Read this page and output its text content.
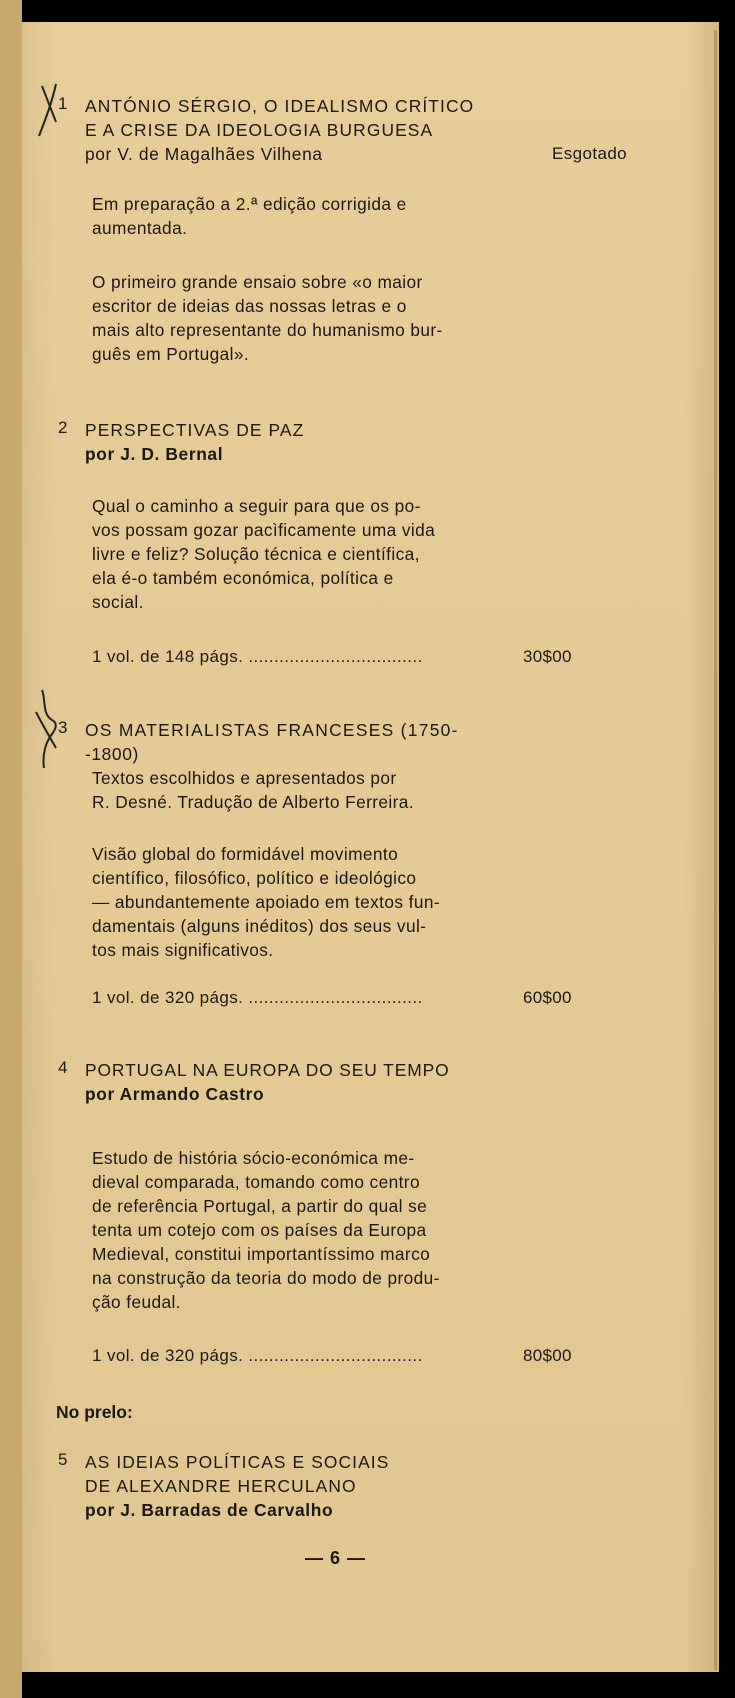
1 ANTÓNIO SÉRGIO, O IDEALISMO CRÍTICO
E A CRISE DA IDEOLOGIA BURGUESA
por V. de Magalhães Vilhena	Esgotado
Em preparação a 2.ª edição corrigida e
aumentada.
O primeiro grande ensaio sobre «o maior
escritor de ideias das nossas letras e o
mais alto representante do humanismo bur-
guês em Portugal».
2 PERSPECTIVAS DE PAZ
por J. D. Bernal
Qual o caminho a seguir para que os po-
vos possam gozar pacìficamente uma vida
livre e feliz? Solução técnica e científica,
ela é-o também económica, política e
social.
1 vol. de 148 págs. ..................................	30$00
3 OS MATERIALISTAS FRANCESES (1750-
-1800)
Textos escolhidos e apresentados por
R. Desné. Tradução de Alberto Ferreira.
Visão global do formidável movimento
científico, filosófico, político e ideológico
— abundantemente apoiado em textos fun-
damentais (alguns inéditos) dos seus vul-
tos mais significativos.
1 vol. de 320 págs. ..................................	60$00
4 PORTUGAL NA EUROPA DO SEU TEMPO
por Armando Castro
Estudo de história sócio-económica me-
dieval comparada, tomando como centro
de referência Portugal, a partir do qual se
tenta um cotejo com os países da Europa
Medieval, constitui importantíssimo marco
na construção da teoria do modo de produ-
ção feudal.
1 vol. de 320 págs. ..................................	80$00
No prelo:
5 AS IDEIAS POLÍTICAS E SOCIAIS
DE ALEXANDRE HERCULANO
por J. Barradas de Carvalho
— 6 —
